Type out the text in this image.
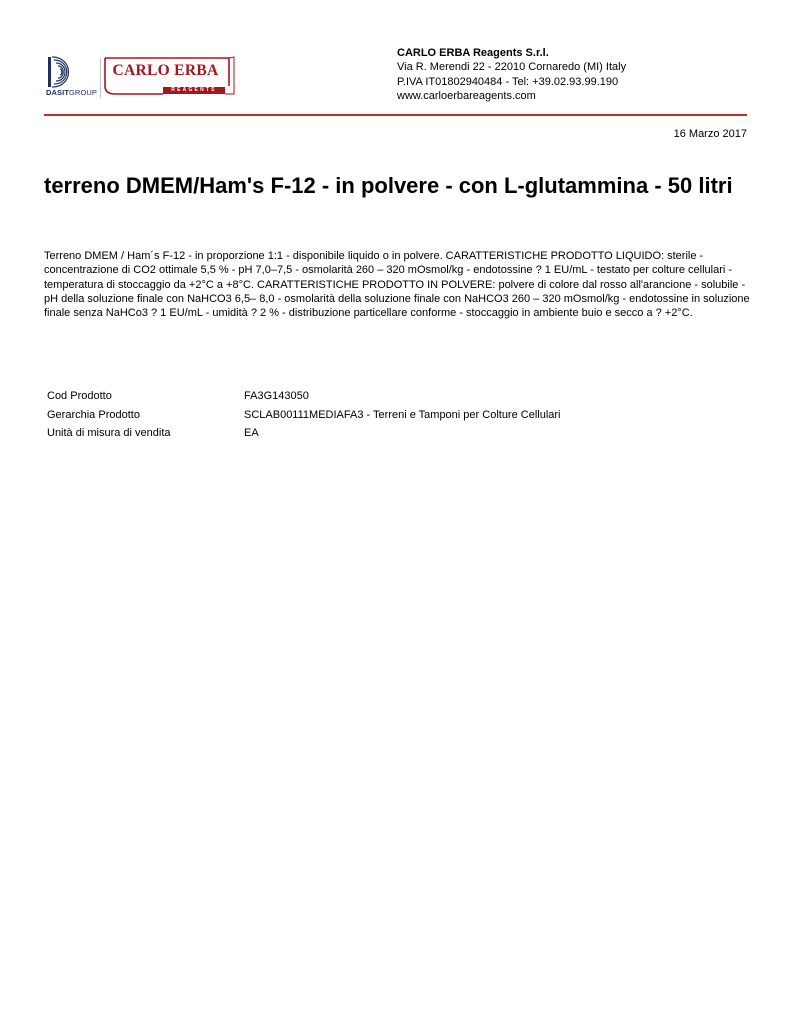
DASITGROUP
CARLO ERBA
REAGENTS
CARLO ERBA Reagents S.r.l.
Via R. Merendi 22 - 22010 Cornaredo (MI) Italy
P.IVA IT01802940484 - Tel: +39.02.93.99.190
www.carloerbareagents.com
16 Marzo 2017
terreno DMEM/Ham's F-12 - in polvere - con L-glutammina - 50 litri

Terreno DMEM / Ham´s F-12 - in proporzione 1:1 - disponibile liquido o in polvere. CARATTERISTICHE PRODOTTO LIQUIDO: sterile - concentrazione di CO2 ottimale 5,5 % - pH 7,0–7,5 - osmolarità 260 – 320 mOsmol/kg - endotossine ? 1 EU/mL - testato per colture cellulari - temperatura di stoccaggio da +2°C a +8°C. CARATTERISTICHE PRODOTTO IN POLVERE: polvere di colore dal rosso all'arancione - solubile - pH della soluzione finale con NaHCO3 6,5– 8,0 - osmolarità della soluzione finale con NaHCO3 260 – 320 mOsmol/kg - endotossine in soluzione finale senza NaHCo3 ? 1 EU/mL - umidità ? 2 % - distribuzione particellare conforme - stoccaggio in ambiente buio e secco a ? +2°C.

Cod Prodotto	FA3G143050
Gerarchia Prodotto	SCLAB00111MEDIAFA3 - Terreni e Tamponi per Colture Cellulari
Unità di misura di vendita	EA
